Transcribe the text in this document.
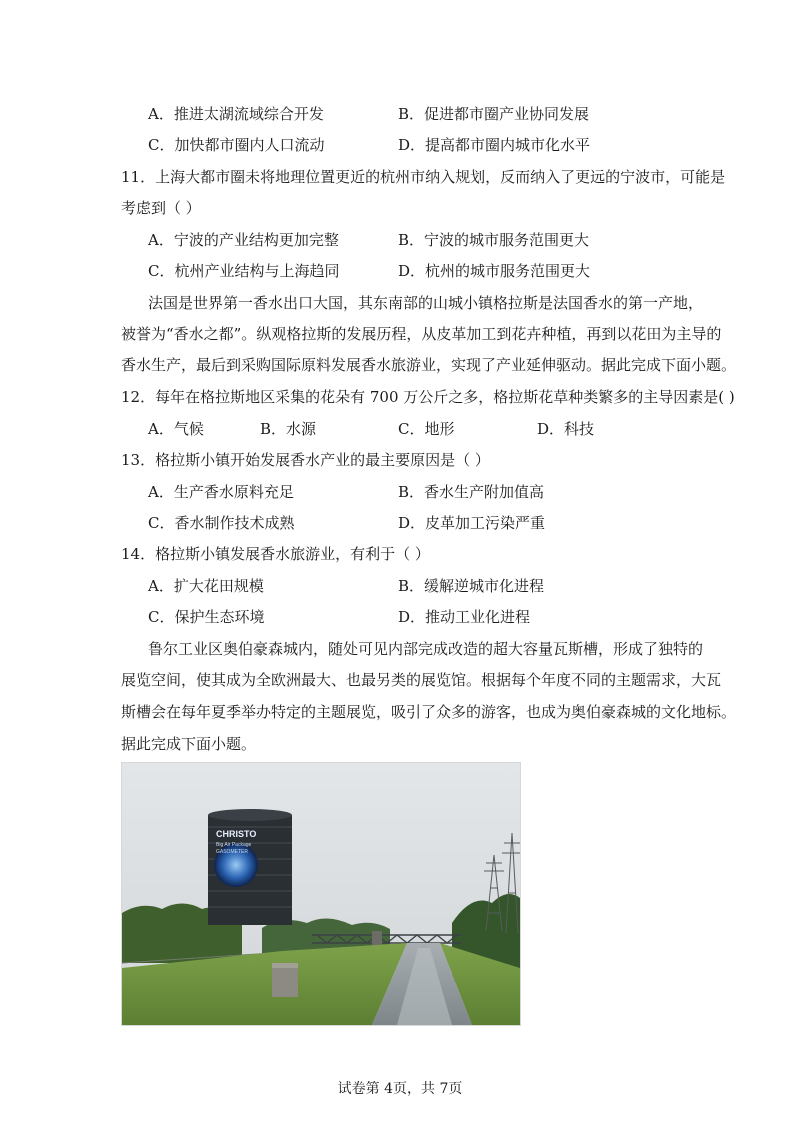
A．推进太湖流域综合开发	B．促进都市圈产业协同发展
C．加快都市圈内人口流动	D．提高都市圈内城市化水平
11．上海大都市圈未将地理位置更近的杭州市纳入规划，反而纳入了更远的宁波市，可能是
考虑到（ ）
A．宁波的产业结构更加完整	B．宁波的城市服务范围更大
C．杭州产业结构与上海趋同	D．杭州的城市服务范围更大
法国是世界第一香水出口大国，其东南部的山城小镇格拉斯是法国香水的第一产地，
被誉为“香水之都”。纵观格拉斯的发展历程，从皮革加工到花卉种植，再到以花田为主导的
香水生产，最后到采购国际原料发展香水旅游业，实现了产业延伸驱动。据此完成下面小题。
12．每年在格拉斯地区采集的花朵有 700 万公斤之多，格拉斯花草种类繁多的主导因素是( )
A．气候	B．水源	C．地形	D．科技
13．格拉斯小镇开始发展香水产业的最主要原因是（ ）
A．生产香水原料充足	B．香水生产附加值高
C．香水制作技术成熟	D．皮革加工污染严重
14．格拉斯小镇发展香水旅游业，有利于（ ）
A．扩大花田规模	B．缓解逆城市化进程
C．保护生态环境	D．推动工业化进程
鲁尔工业区奥伯豪森城内，随处可见内部完成改造的超大容量瓦斯槽，形成了独特的
展览空间，使其成为全欧洲最大、也最另类的展览馆。根据每个年度不同的主题需求，大瓦
斯槽会在每年夏季举办特定的主题展览，吸引了众多的游客，也成为奥伯豪森城的文化地标。
据此完成下面小题。
CHRISTO
Big Air Package
GASOMETER
试卷第 4页，共 7页
